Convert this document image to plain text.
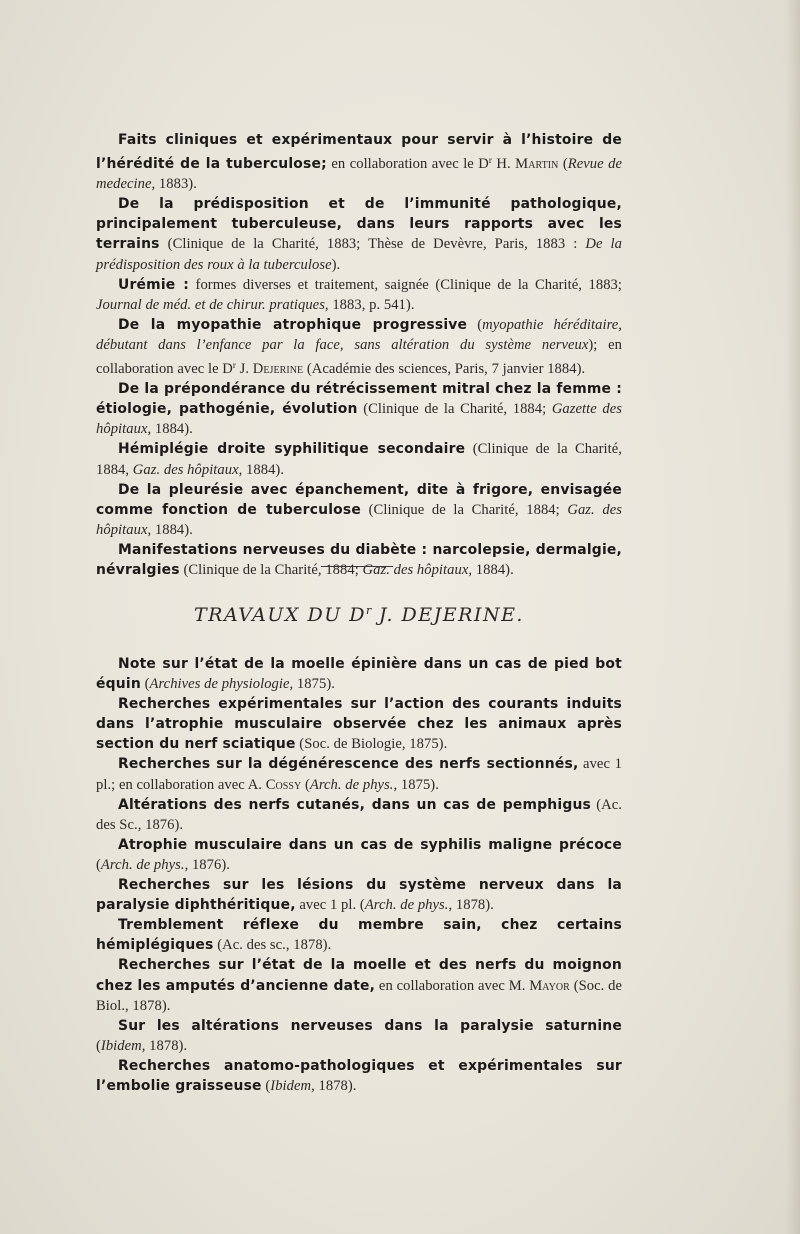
Faits cliniques et expérimentaux pour servir à l’histoire de l’hérédité de la tuberculose; en collaboration avec le $D^r$ H. Martin (Revue de medecine, 1883).

De la prédisposition et de l’immunité pathologique, principalement tuberculeuse, dans leurs rapports avec les terrains (Clinique de la Charité, 1883; Thèse de Devèvre, Paris, 1883 : De la prédisposition des roux à la tuberculose).

Urémie : formes diverses et traitement, saignée (Clinique de la Charité, 1883; Journal de méd. et de chirur. pratiques, 1883, p. 541).

De la myopathie atrophique progressive (myopathie héréditaire, débutant dans l’enfance par la face, sans altération du système nerveux); en collaboration avec le $D^r$ J. Dejerine (Académie des sciences, Paris, 7 janvier 1884).

De la prépondérance du rétrécissement mitral chez la femme : étiologie, pathogénie, évolution (Clinique de la Charité, 1884; Gazette des hôpitaux, 1884).

Hémiplégie droite syphilitique secondaire (Clinique de la Charité, 1884, Gaz. des hôpitaux, 1884).

De la pleurésie avec épanchement, dite à frigore, envisagée comme fonction de tuberculose (Clinique de la Charité, 1884; Gaz. des hôpitaux, 1884).

Manifestations nerveuses du diabète : narcolepsie, dermalgie, névralgies (Clinique de la Charité, 1884; Gaz. des hôpitaux, 1884).

TRAVAUX DU $D^r$ J. DEJERINE.

Note sur l’état de la moelle épinière dans un cas de pied bot équin (Archives de physiologie, 1875).

Recherches expérimentales sur l’action des courants induits dans l’atrophie musculaire observée chez les animaux après section du nerf sciatique (Soc. de Biologie, 1875).

Recherches sur la dégénérescence des nerfs sectionnés, avec 1 pl.; en collaboration avec A. Cossy (Arch. de phys., 1875).

Altérations des nerfs cutanés, dans un cas de pemphigus (Ac. des Sc., 1876).

Atrophie musculaire dans un cas de syphilis maligne précoce (Arch. de phys., 1876).

Recherches sur les lésions du système nerveux dans la paralysie diphthéritique, avec 1 pl. (Arch. de phys., 1878).

Tremblement réflexe du membre sain, chez certains hémiplégiques (Ac. des sc., 1878).

Recherches sur l’état de la moelle et des nerfs du moignon chez les amputés d’ancienne date, en collaboration avec M. Mayor (Soc. de Biol., 1878).

Sur les altérations nerveuses dans la paralysie saturnine (Ibidem, 1878).

Recherches anatomo-pathologiques et expérimentales sur l’embolie graisseuse (Ibidem, 1878).
